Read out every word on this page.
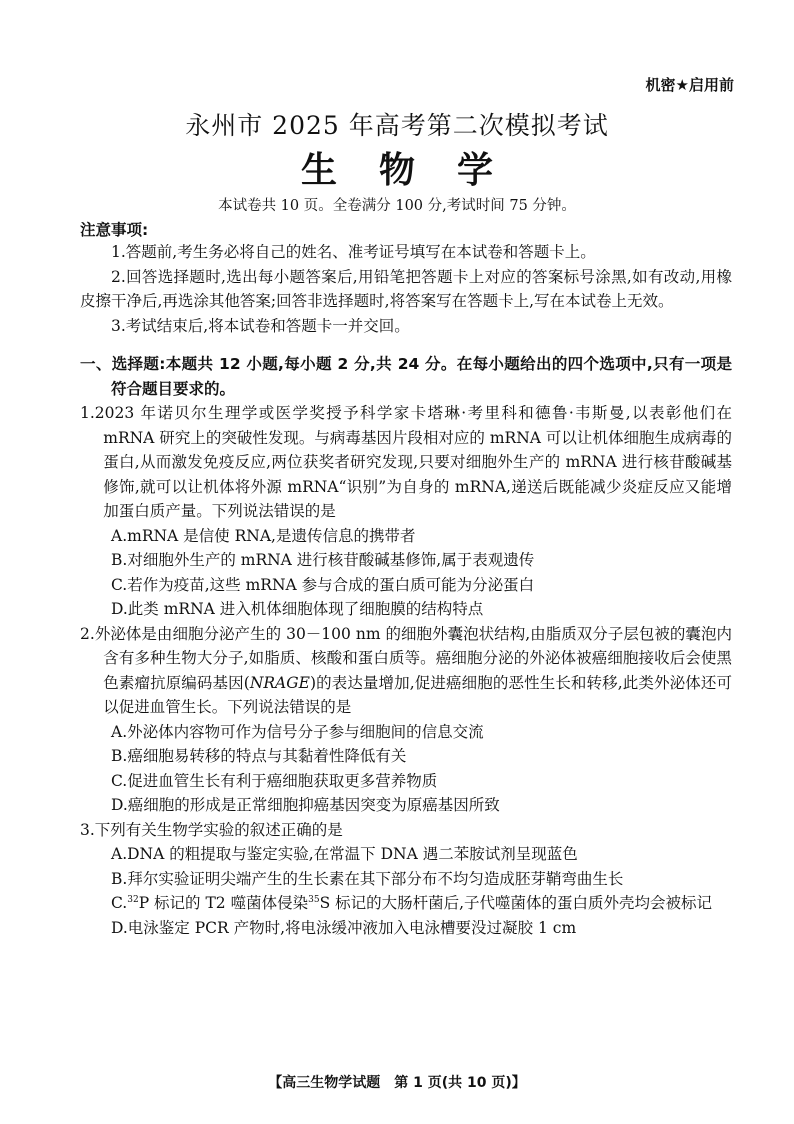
机密★启用前
永州市 2025 年高考第二次模拟考试
生物学
本试卷共 10 页。全卷满分 100 分,考试时间 75 分钟。
注意事项:

1.答题前,考生务必将自己的姓名、准考证号填写在本试卷和答题卡上。

2.回答选择题时,选出每小题答案后,用铅笔把答题卡上对应的答案标号涂黑,如有改动,用橡皮擦干净后,再选涂其他答案;回答非选择题时,将答案写在答题卡上,写在本试卷上无效。

3.考试结束后,将本试卷和答题卡一并交回。

一、选择题:本题共 12 小题,每小题 2 分,共 24 分。在每小题给出的四个选项中,只有一项是符合题目要求的。

1.2023 年诺贝尔生理学或医学奖授予科学家卡塔琳·考里科和德鲁·韦斯曼,以表彰他们在 mRNA 研究上的突破性发现。与病毒基因片段相对应的 mRNA 可以让机体细胞生成病毒的蛋白,从而激发免疫反应,两位获奖者研究发现,只要对细胞外生产的 mRNA 进行核苷酸碱基修饰,就可以让机体将外源 mRNA“识别”为自身的 mRNA,递送后既能减少炎症反应又能增加蛋白质产量。下列说法错误的是

A.mRNA 是信使 RNA,是遗传信息的携带者

B.对细胞外生产的 mRNA 进行核苷酸碱基修饰,属于表观遗传

C.若作为疫苗,这些 mRNA 参与合成的蛋白质可能为分泌蛋白

D.此类 mRNA 进入机体细胞体现了细胞膜的结构特点

2.外泌体是由细胞分泌产生的 30－100 nm 的细胞外囊泡状结构,由脂质双分子层包被的囊泡内含有多种生物大分子,如脂质、核酸和蛋白质等。癌细胞分泌的外泌体被癌细胞接收后会使黑色素瘤抗原编码基因(NRAGE)的表达量增加,促进癌细胞的恶性生长和转移,此类外泌体还可以促进血管生长。下列说法错误的是

A.外泌体内容物可作为信号分子参与细胞间的信息交流

B.癌细胞易转移的特点与其黏着性降低有关

C.促进血管生长有利于癌细胞获取更多营养物质

D.癌细胞的形成是正常细胞抑癌基因突变为原癌基因所致

3.下列有关生物学实验的叙述正确的是

A.DNA 的粗提取与鉴定实验,在常温下 DNA 遇二苯胺试剂呈现蓝色

B.拜尔实验证明尖端产生的生长素在其下部分布不均匀造成胚芽鞘弯曲生长

C.$^{32}$P 标记的 T2 噬菌体侵染$^{35}$S 标记的大肠杆菌后,子代噬菌体的蛋白质外壳均会被标记

D.电泳鉴定 PCR 产物时,将电泳缓冲液加入电泳槽要没过凝胶 1 cm

【高三生物学试题　第 1 页(共 10 页)】
